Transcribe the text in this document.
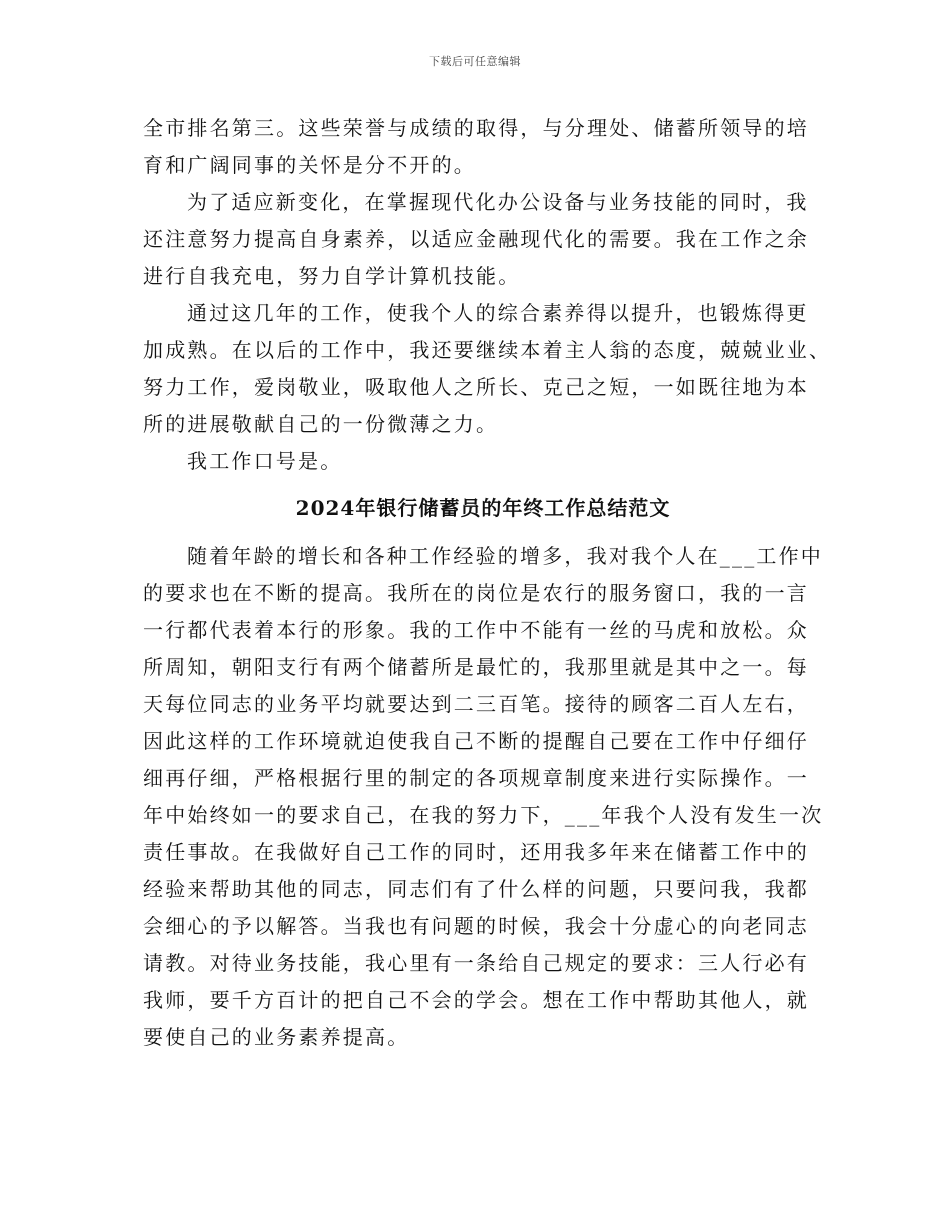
下载后可任意编辑
全市排名第三。这些荣誉与成绩的取得，与分理处、储蓄所领导的培
育和广阔同事的关怀是分不开的。
为了适应新变化，在掌握现代化办公设备与业务技能的同时，我
还注意努力提高自身素养，以适应金融现代化的需要。我在工作之余
进行自我充电，努力自学计算机技能。
通过这几年的工作，使我个人的综合素养得以提升，也锻炼得更
加成熟。在以后的工作中，我还要继续本着主人翁的态度，兢兢业业、
努力工作，爱岗敬业，吸取他人之所长、克己之短，一如既往地为本
所的进展敬献自己的一份微薄之力。
我工作口号是。
2024年银行储蓄员的年终工作总结范文
随着年龄的增长和各种工作经验的增多，我对我个人在___工作中
的要求也在不断的提高。我所在的岗位是农行的服务窗口，我的一言
一行都代表着本行的形象。我的工作中不能有一丝的马虎和放松。众
所周知，朝阳支行有两个储蓄所是最忙的，我那里就是其中之一。每
天每位同志的业务平均就要达到二三百笔。接待的顾客二百人左右，
因此这样的工作环境就迫使我自己不断的提醒自己要在工作中仔细仔
细再仔细，严格根据行里的制定的各项规章制度来进行实际操作。一
年中始终如一的要求自己，在我的努力下，___年我个人没有发生一次
责任事故。在我做好自己工作的同时，还用我多年来在储蓄工作中的
经验来帮助其他的同志，同志们有了什么样的问题，只要问我，我都
会细心的予以解答。当我也有问题的时候，我会十分虚心的向老同志
请教。对待业务技能，我心里有一条给自己规定的要求：三人行必有
我师，要千方百计的把自己不会的学会。想在工作中帮助其他人，就
要使自己的业务素养提高。
